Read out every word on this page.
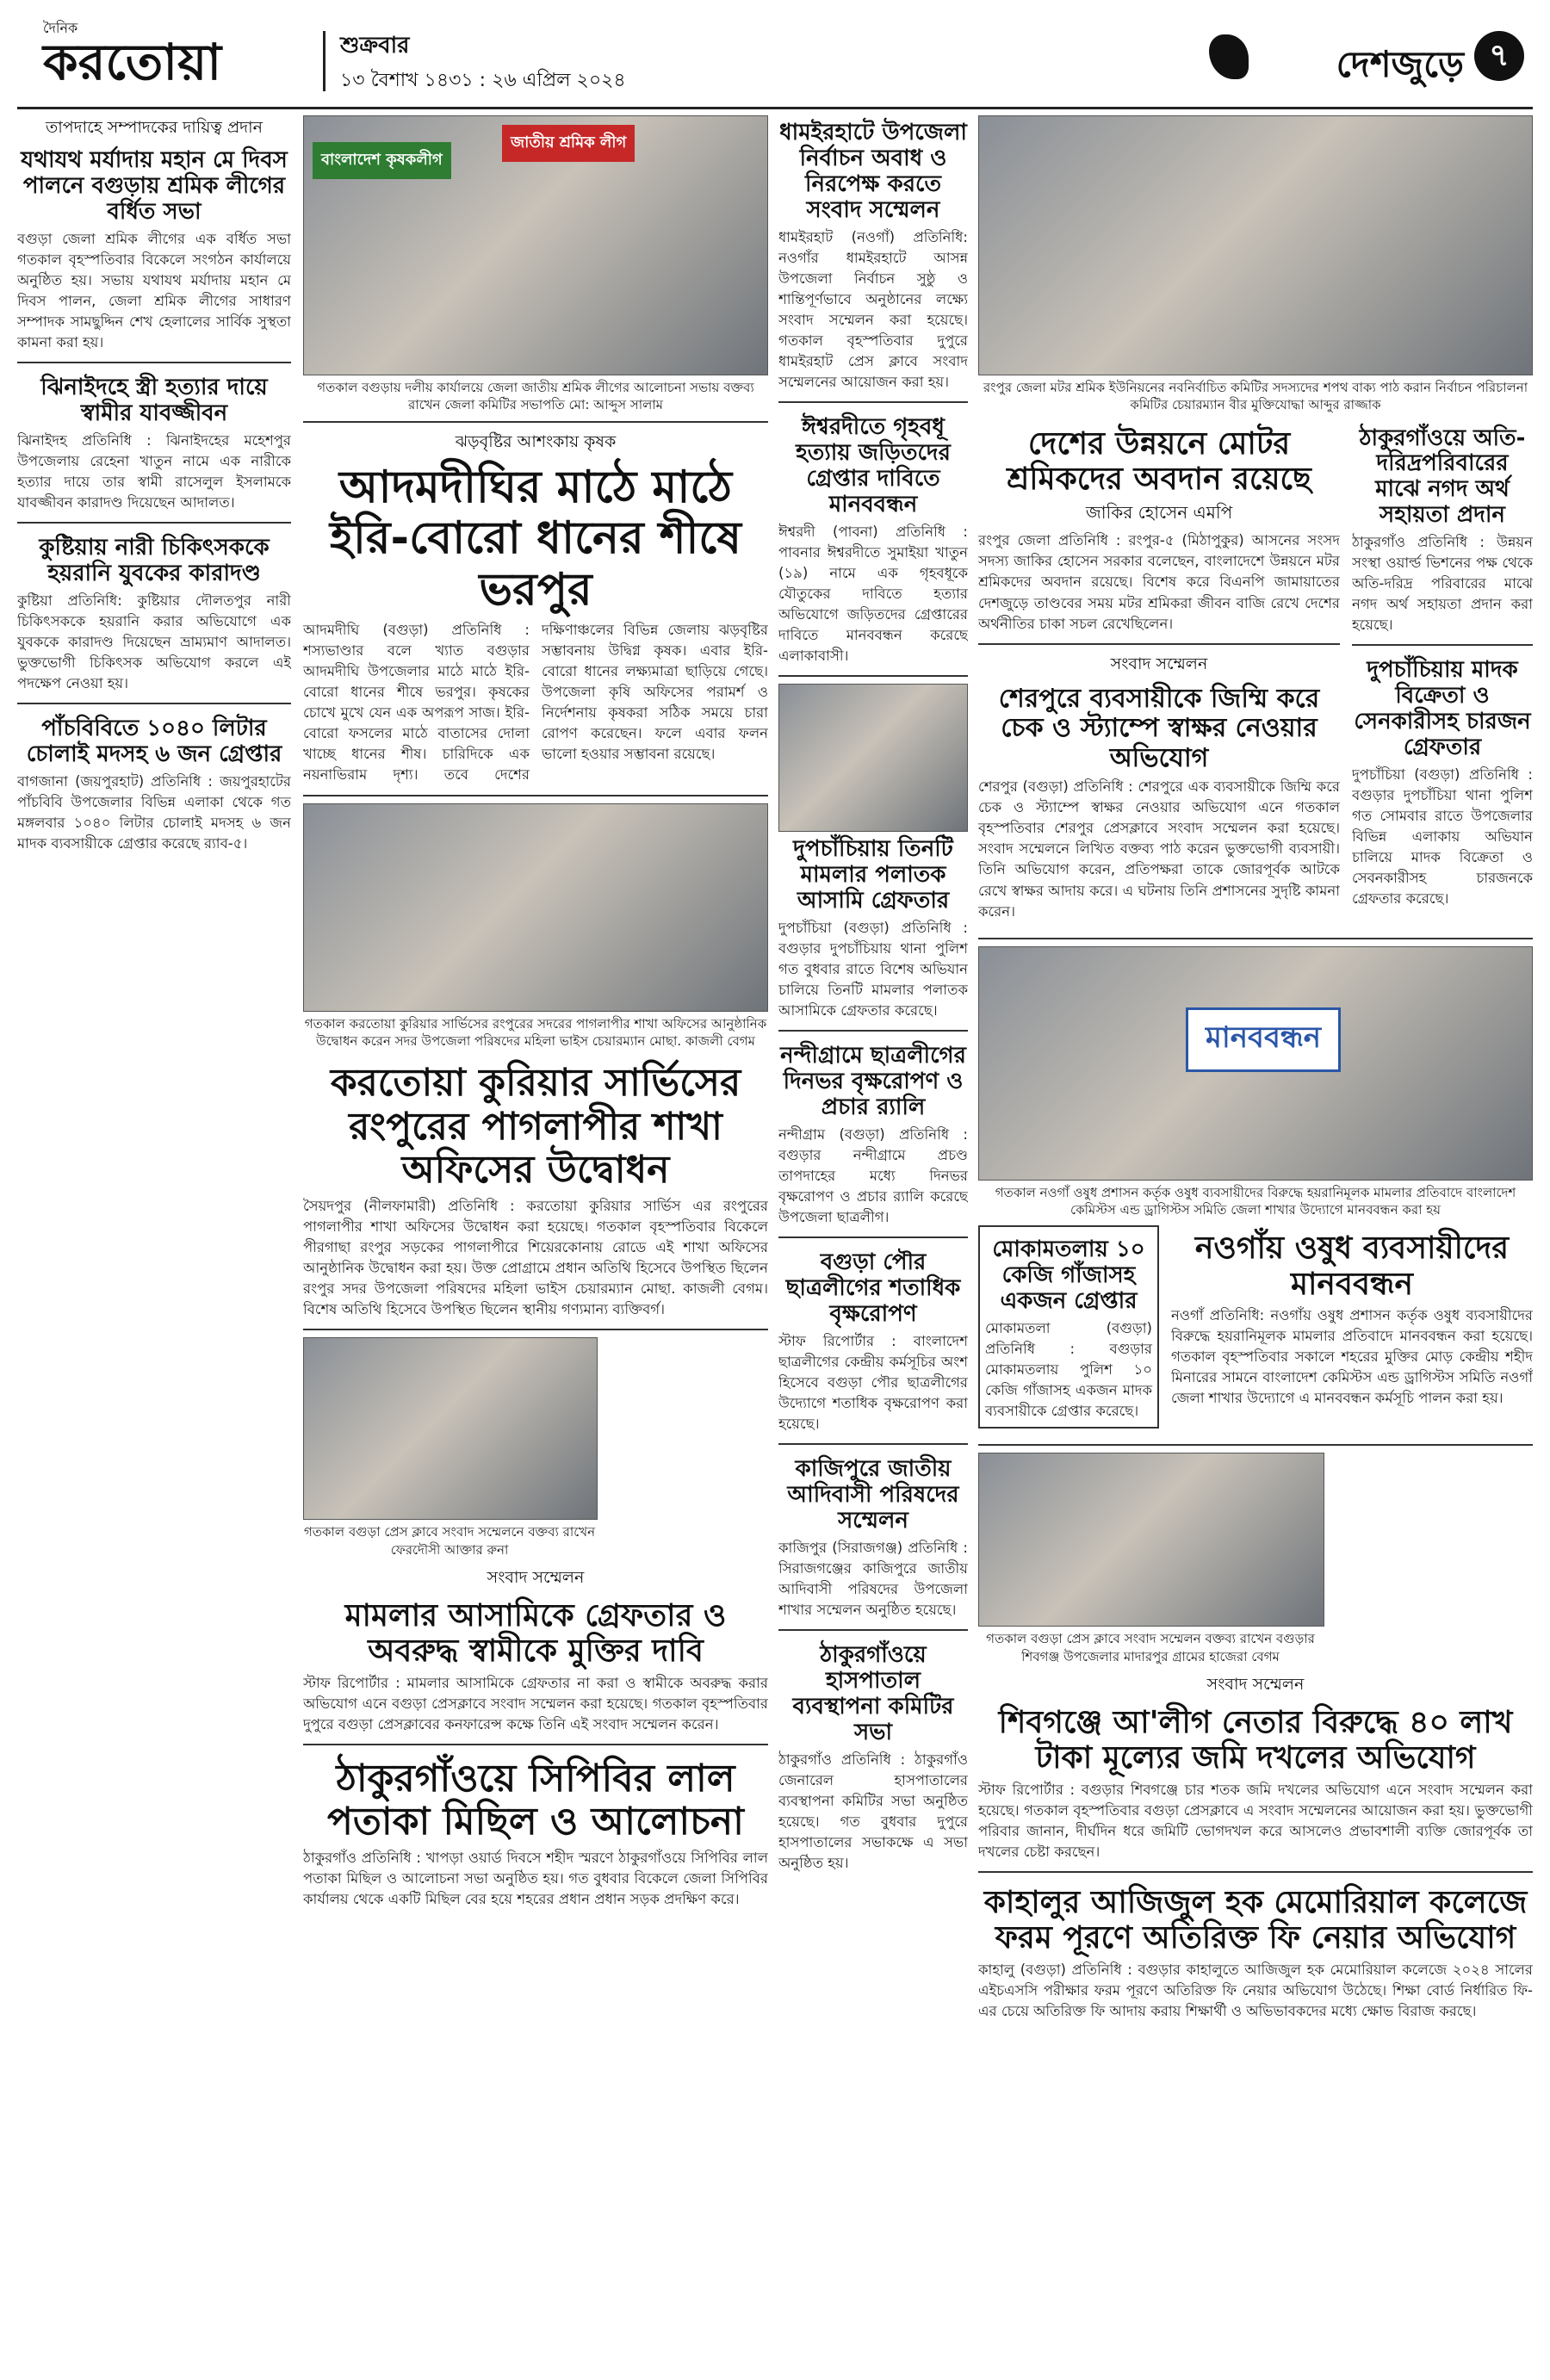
দৈনিক
করতোয়া	শুক্রবার
১৩ বৈশাখ ১৪৩১ : ২৬ এপ্রিল ২০২৪	দেশজুড়ে ৭
তাপদাহে সম্পাদকের দায়িত্ব প্রদান
যথাযথ মর্যাদায় মহান মে দিবস পালনে বগুড়ায় শ্রমিক লীগের বর্ধিত সভা
বগুড়া জেলা শ্রমিক লীগের এক বর্ধিত সভা গতকাল বৃহস্পতিবার বিকেলে সংগঠন কার্যালয়ে অনুষ্ঠিত হয়। সভায় যথাযথ মর্যাদায় মহান মে দিবস পালন, জেলা শ্রমিক লীগের সাধারণ সম্পাদক সামছুদ্দিন শেখ হেলালের সার্বিক সুস্থতা কামনা করা হয়।
ঝিনাইদহে স্ত্রী হত্যার দায়ে স্বামীর যাবজ্জীবন
ঝিনাইদহ প্রতিনিধি : ঝিনাইদহের মহেশপুর উপজেলায় রেহেনা খাতুন নামে এক নারীকে হত্যার দায়ে তার স্বামী রাসেলুল ইসলামকে যাবজ্জীবন কারাদণ্ড দিয়েছেন আদালত।
কুষ্টিয়ায় নারী চিকিৎসককে হয়রানি যুবকের কারাদণ্ড
কুষ্টিয়া প্রতিনিধি: কুষ্টিয়ার দৌলতপুর নারী চিকিৎসককে হয়রানি করার অভিযোগে এক যুবককে কারাদণ্ড দিয়েছেন ভ্রাম্যমাণ আদালত। ভুক্তভোগী চিকিৎসক অভিযোগ করলে এই পদক্ষেপ নেওয়া হয়।
পাঁচবিবিতে ১০৪০ লিটার চোলাই মদসহ ৬ জন গ্রেপ্তার
বাগজানা (জয়পুরহাট) প্রতিনিধি : জয়পুরহাটের পাঁচবিবি উপজেলার বিভিন্ন এলাকা থেকে গত মঙ্গলবার ১০৪০ লিটার চোলাই মদসহ ৬ জন মাদক ব্যবসায়ীকে গ্রেপ্তার করেছে র‍্যাব-৫।
বাংলাদেশ কৃষকলীগ
জাতীয় শ্রমিক লীগ
গতকাল বগুড়ায় দলীয় কার্যালয়ে জেলা জাতীয় শ্রমিক লীগের আলোচনা সভায় বক্তব্য রাখেন জেলা কমিটির সভাপতি মো: আব্দুস সালাম
ঝড়বৃষ্টির আশংকায় কৃষক
আদমদীঘির মাঠে মাঠে ইরি-বোরো ধানের শীষে ভরপুর
আদমদীঘি (বগুড়া) প্রতিনিধি : শস্যভাণ্ডার বলে খ্যাত বগুড়ার আদমদীঘি উপজেলার মাঠে মাঠে ইরি-বোরো ধানের শীষে ভরপুর। কৃষকের চোখে মুখে যেন এক অপরূপ সাজ। ইরি-বোরো ফসলের মাঠে বাতাসের দোলা খাচ্ছে ধানের শীষ। চারিদিকে এক নয়নাভিরাম দৃশ্য। তবে দেশের দক্ষিণাঞ্চলের বিভিন্ন জেলায় ঝড়বৃষ্টির সম্ভাবনায় উদ্বিগ্ন কৃষক। এবার ইরি-বোরো ধানের লক্ষ্যমাত্রা ছাড়িয়ে গেছে। উপজেলা কৃষি অফিসের পরামর্শ ও নির্দেশনায় কৃষকরা সঠিক সময়ে চারা রোপণ করেছেন। ফলে এবার ফলন ভালো হওয়ার সম্ভাবনা রয়েছে।
গতকাল করতোয়া কুরিয়ার সার্ভিসের রংপুরের সদরের পাগলাপীর শাখা অফিসের আনুষ্ঠানিক উদ্বোধন করেন সদর উপজেলা পরিষদের মহিলা ভাইস চেয়ারম্যান মোছা. কাজলী বেগম
করতোয়া কুরিয়ার সার্ভিসের রংপুরের পাগলাপীর শাখা অফিসের উদ্বোধন
সৈয়দপুর (নীলফামারী) প্রতিনিধি : করতোয়া কুরিয়ার সার্ভিস এর রংপুরের পাগলাপীর শাখা অফিসের উদ্বোধন করা হয়েছে। গতকাল বৃহস্পতিবার বিকেলে পীরগাছা রংপুর সড়কের পাগলাপীরে শিয়েরকোনায় রোডে এই শাখা অফিসের আনুষ্ঠানিক উদ্বোধন করা হয়। উক্ত প্রোগ্রামে প্রধান অতিথি হিসেবে উপস্থিত ছিলেন রংপুর সদর উপজেলা পরিষদের মহিলা ভাইস চেয়ারম্যান মোছা. কাজলী বেগম। বিশেষ অতিথি হিসেবে উপস্থিত ছিলেন স্থানীয় গণ্যমান্য ব্যক্তিবর্গ।
গতকাল বগুড়া প্রেস ক্লাবে সংবাদ সম্মেলনে বক্তব্য রাখেন ফেরদৌসী আক্তার রুনা
সংবাদ সম্মেলন
মামলার আসামিকে গ্রেফতার ও অবরুদ্ধ স্বামীকে মুক্তির দাবি
স্টাফ রিপোর্টার : মামলার আসামিকে গ্রেফতার না করা ও স্বামীকে অবরুদ্ধ করার অভিযোগ এনে বগুড়া প্রেসক্লাবে সংবাদ সম্মেলন করা হয়েছে। গতকাল বৃহস্পতিবার দুপুরে বগুড়া প্রেসক্লাবের কনফারেন্স কক্ষে তিনি এই সংবাদ সম্মেলন করেন।
ঠাকুরগাঁওয়ে সিপিবির লাল পতাকা মিছিল ও আলোচনা
ঠাকুরগাঁও প্রতিনিধি : খাপড়া ওয়ার্ড দিবসে শহীদ স্মরণে ঠাকুরগাঁওয়ে সিপিবির লাল পতাকা মিছিল ও আলোচনা সভা অনুষ্ঠিত হয়। গত বুধবার বিকেলে জেলা সিপিবির কার্যালয় থেকে একটি মিছিল বের হয়ে শহরের প্রধান প্রধান সড়ক প্রদক্ষিণ করে।
ধামইরহাটে উপজেলা নির্বাচন অবাধ ও নিরপেক্ষ করতে সংবাদ সম্মেলন
ধামইরহাট (নওগাঁ) প্রতিনিধি: নওগাঁর ধামইরহাটে আসন্ন উপজেলা নির্বাচন সুষ্ঠু ও শান্তিপূর্ণভাবে অনুষ্ঠানের লক্ষ্যে সংবাদ সম্মেলন করা হয়েছে। গতকাল বৃহস্পতিবার দুপুরে ধামইরহাট প্রেস ক্লাবে সংবাদ সম্মেলনের আয়োজন করা হয়।
ঈশ্বরদীতে গৃহবধূ হত্যায় জড়িতদের গ্রেপ্তার দাবিতে মানববন্ধন
ঈশ্বরদী (পাবনা) প্রতিনিধি : পাবনার ঈশ্বরদীতে সুমাইয়া খাতুন (১৯) নামে এক গৃহবধূকে যৌতুকের দাবিতে হত্যার অভিযোগে জড়িতদের গ্রেপ্তারের দাবিতে মানববন্ধন করেছে এলাকাবাসী।
দুপচাঁচিয়ায় তিনটি মামলার পলাতক আসামি গ্রেফতার
দুপচাঁচিয়া (বগুড়া) প্রতিনিধি : বগুড়ার দুপচাঁচিয়ায় থানা পুলিশ গত বুধবার রাতে বিশেষ অভিযান চালিয়ে তিনটি মামলার পলাতক আসামিকে গ্রেফতার করেছে।
নন্দীগ্রামে ছাত্রলীগের দিনভর বৃক্ষরোপণ ও প্রচার র‍্যালি
নন্দীগ্রাম (বগুড়া) প্রতিনিধি : বগুড়ার নন্দীগ্রামে প্রচণ্ড তাপদাহের মধ্যে দিনভর বৃক্ষরোপণ ও প্রচার র‍্যালি করেছে উপজেলা ছাত্রলীগ।
বগুড়া পৌর ছাত্রলীগের শতাধিক বৃক্ষরোপণ
স্টাফ রিপোর্টার : বাংলাদেশ ছাত্রলীগের কেন্দ্রীয় কর্মসূচির অংশ হিসেবে বগুড়া পৌর ছাত্রলীগের উদ্যোগে শতাধিক বৃক্ষরোপণ করা হয়েছে।
কাজিপুরে জাতীয় আদিবাসী পরিষদের সম্মেলন
কাজিপুর (সিরাজগঞ্জ) প্রতিনিধি : সিরাজগঞ্জের কাজিপুরে জাতীয় আদিবাসী পরিষদের উপজেলা শাখার সম্মেলন অনুষ্ঠিত হয়েছে।
ঠাকুরগাঁওয়ে হাসপাতাল ব্যবস্থাপনা কমিটির সভা
ঠাকুরগাঁও প্রতিনিধি : ঠাকুরগাঁও জেনারেল হাসপাতালের ব্যবস্থাপনা কমিটির সভা অনুষ্ঠিত হয়েছে। গত বুধবার দুপুরে হাসপাতালের সভাকক্ষে এ সভা অনুষ্ঠিত হয়।
রংপুর জেলা মটর শ্রমিক ইউনিয়নের নবনির্বাচিত কমিটির সদস্যদের শপথ বাক্য পাঠ করান নির্বাচন পরিচালনা কমিটির চেয়ারম্যান বীর মুক্তিযোদ্ধা আব্দুর রাজ্জাক
দেশের উন্নয়নে মোটর শ্রমিকদের অবদান রয়েছে
জাকির হোসেন এমপি
রংপুর জেলা প্রতিনিধি : রংপুর-৫ (মিঠাপুকুর) আসনের সংসদ সদস্য জাকির হোসেন সরকার বলেছেন, বাংলাদেশে উন্নয়নে মটর শ্রমিকদের অবদান রয়েছে। বিশেষ করে বিএনপি জামায়াতের দেশজুড়ে তাণ্ডবের সময় মটর শ্রমিকরা জীবন বাজি রেখে দেশের অর্থনীতির চাকা সচল রেখেছিলেন।
সংবাদ সম্মেলন
শেরপুরে ব্যবসায়ীকে জিম্মি করে চেক ও স্ট্যাম্পে স্বাক্ষর নেওয়ার অভিযোগ
শেরপুর (বগুড়া) প্রতিনিধি : শেরপুরে এক ব্যবসায়ীকে জিম্মি করে চেক ও স্ট্যাম্পে স্বাক্ষর নেওয়ার অভিযোগ এনে গতকাল বৃহস্পতিবার শেরপুর প্রেসক্লাবে সংবাদ সম্মেলন করা হয়েছে। সংবাদ সম্মেলনে লিখিত বক্তব্য পাঠ করেন ভুক্তভোগী ব্যবসায়ী। তিনি অভিযোগ করেন, প্রতিপক্ষরা তাকে জোরপূর্বক আটকে রেখে স্বাক্ষর আদায় করে। এ ঘটনায় তিনি প্রশাসনের সুদৃষ্টি কামনা করেন।
ঠাকুরগাঁওয়ে অতি-দরিদ্রপরিবারের মাঝে নগদ অর্থ সহায়তা প্রদান
ঠাকুরগাঁও প্রতিনিধি : উন্নয়ন সংস্থা ওয়ার্ল্ড ভিশনের পক্ষ থেকে অতি-দরিদ্র পরিবারের মাঝে নগদ অর্থ সহায়তা প্রদান করা হয়েছে।
দুপচাঁচিয়ায় মাদক বিক্রেতা ও সেনকারীসহ চারজন গ্রেফতার
দুপচাঁচিয়া (বগুড়া) প্রতিনিধি : বগুড়ার দুপচাঁচিয়া থানা পুলিশ গত সোমবার রাতে উপজেলার বিভিন্ন এলাকায় অভিযান চালিয়ে মাদক বিক্রেতা ও সেবনকারীসহ চারজনকে গ্রেফতার করেছে।
মানববন্ধন
গতকাল নওগাঁ ওষুধ প্রশাসন কর্তৃক ওষুধ ব্যবসায়ীদের বিরুদ্ধে হয়রানিমূলক মামলার প্রতিবাদে বাংলাদেশ কেমিস্টস এন্ড ড্রাগিস্টস সমিতি জেলা শাখার উদ্যোগে মানববন্ধন করা হয়
মোকামতলায় ১০ কেজি গাঁজাসহ একজন গ্রেপ্তার
মোকামতলা (বগুড়া) প্রতিনিধি : বগুড়ার মোকামতলায় পুলিশ ১০ কেজি গাঁজাসহ একজন মাদক ব্যবসায়ীকে গ্রেপ্তার করেছে।
নওগাঁয় ওষুধ ব্যবসায়ীদের মানববন্ধন
নওগাঁ প্রতিনিধি: নওগাঁয় ওষুধ প্রশাসন কর্তৃক ওষুধ ব্যবসায়ীদের বিরুদ্ধে হয়রানিমূলক মামলার প্রতিবাদে মানববন্ধন করা হয়েছে। গতকাল বৃহস্পতিবার সকালে শহরের মুক্তির মোড় কেন্দ্রীয় শহীদ মিনারের সামনে বাংলাদেশ কেমিস্টস এন্ড ড্রাগিস্টস সমিতি নওগাঁ জেলা শাখার উদ্যোগে এ মানববন্ধন কর্মসূচি পালন করা হয়।
গতকাল বগুড়া প্রেস ক্লাবে সংবাদ সম্মেলন বক্তব্য রাখেন বগুড়ার শিবগঞ্জ উপজেলার মাদারপুর গ্রামের হাজেরা বেগম
সংবাদ সম্মেলন
শিবগঞ্জে আ'লীগ নেতার বিরুদ্ধে ৪০ লাখ টাকা মূল্যের জমি দখলের অভিযোগ
স্টাফ রিপোর্টার : বগুড়ার শিবগঞ্জে চার শতক জমি দখলের অভিযোগ এনে সংবাদ সম্মেলন করা হয়েছে। গতকাল বৃহস্পতিবার বগুড়া প্রেসক্লাবে এ সংবাদ সম্মেলনের আয়োজন করা হয়। ভুক্তভোগী পরিবার জানান, দীর্ঘদিন ধরে জমিটি ভোগদখল করে আসলেও প্রভাবশালী ব্যক্তি জোরপূর্বক তা দখলের চেষ্টা করছেন।
কাহালুর আজিজুল হক মেমোরিয়াল কলেজে ফরম পূরণে অতিরিক্ত ফি নেয়ার অভিযোগ
কাহালু (বগুড়া) প্রতিনিধি : বগুড়ার কাহালুতে আজিজুল হক মেমোরিয়াল কলেজে ২০২৪ সালের এইচএসসি পরীক্ষার ফরম পূরণে অতিরিক্ত ফি নেয়ার অভিযোগ উঠেছে। শিক্ষা বোর্ড নির্ধারিত ফি-এর চেয়ে অতিরিক্ত ফি আদায় করায় শিক্ষার্থী ও অভিভাবকদের মধ্যে ক্ষোভ বিরাজ করছে।
